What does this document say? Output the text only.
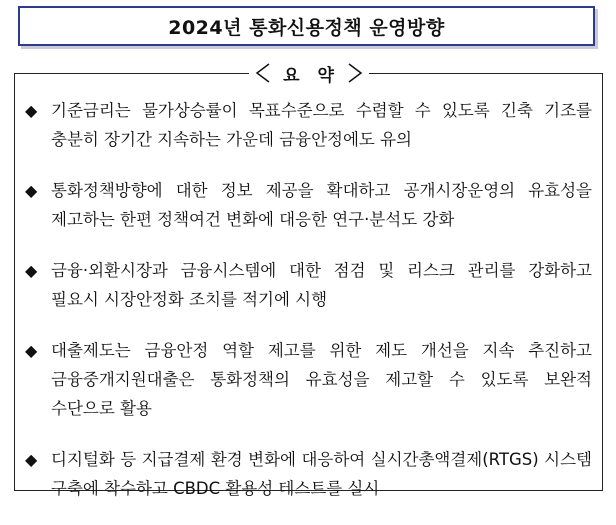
2024년 통화신용정책 운영방향
요 약
◆ 기준금리는 물가상승률이 목표수준으로 수렴할 수 있도록 긴축 기조를 충분히 장기간 지속하는 가운데 금융안정에도 유의
◆ 통화정책방향에 대한 정보 제공을 확대하고 공개시장운영의 유효성을 제고하는 한편 정책여건 변화에 대응한 연구·분석도 강화
◆ 금융·외환시장과 금융시스템에 대한 점검 및 리스크 관리를 강화하고 필요시 시장안정화 조치를 적기에 시행
◆ 대출제도는 금융안정 역할 제고를 위한 제도 개선을 지속 추진하고 금융중개지원대출은 통화정책의 유효성을 제고할 수 있도록 보완적 수단으로 활용
◆ 디지털화 등 지급결제 환경 변화에 대응하여 실시간총액결제(RTGS) 시스템 구축에 착수하고 CBDC 활용성 테스트를 실시
